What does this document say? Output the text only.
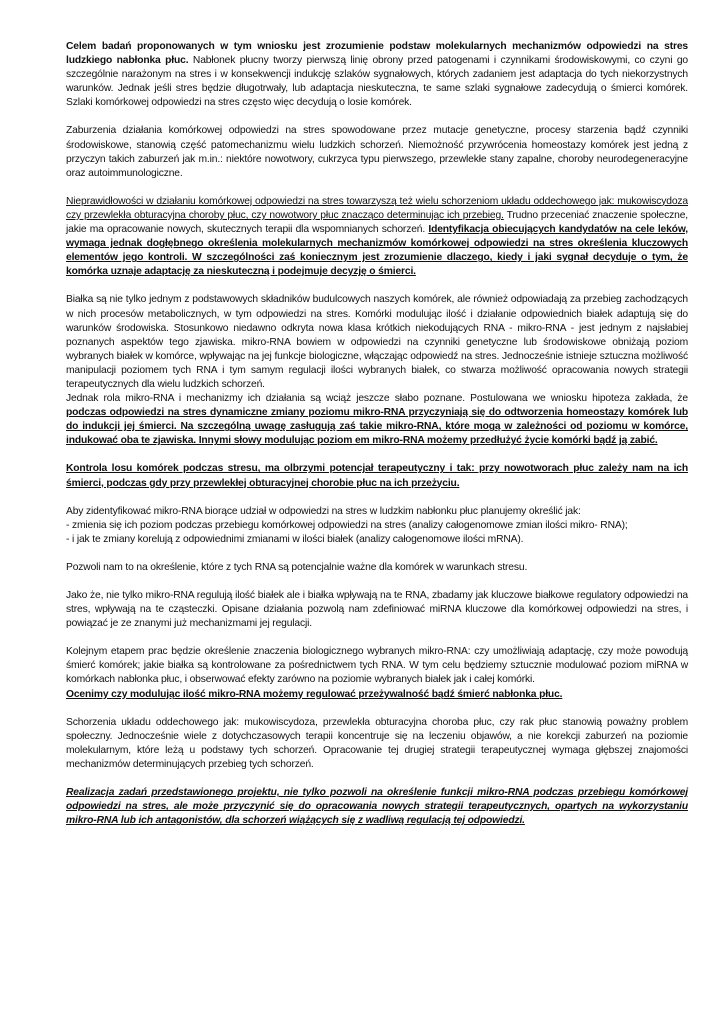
Celem badań proponowanych w tym wniosku jest zrozumienie podstaw molekularnych mechanizmów odpowiedzi na stres ludzkiego nabłonka płuc. Nabłonek płucny tworzy pierwszą linię obrony przed patogenami i czynnikami środowiskowymi, co czyni go szczególnie narażonym na stres i w konsekwencji indukcję szlaków sygnałowych, których zadaniem jest adaptacja do tych niekorzystnych warunków. Jednak jeśli stres będzie długotrwały, lub adaptacja nieskuteczna, te same szlaki sygnałowe zadecydują o śmierci komórek. Szlaki komórkowej odpowiedzi na stres często więc decydują o losie komórek.

Zaburzenia działania komórkowej odpowiedzi na stres spowodowane przez mutacje genetyczne, procesy starzenia bądź czynniki środowiskowe, stanowią część patomechanizmu wielu ludzkich schorzeń. Niemożność przywrócenia homeostazy komórek jest jedną z przyczyn takich zaburzeń jak m.in.: niektóre nowotwory, cukrzyca typu pierwszego, przewlekłe stany zapalne, choroby neurodegeneracyjne oraz autoimmunologiczne.

Nieprawidłowości w działaniu komórkowej odpowiedzi na stres towarzyszą też wielu schorzeniom układu oddechowego jak: mukowiscydoza czy przewlekła obturacyjna choroby płuc, czy nowotwory płuc znacząco determinując ich przebieg. Trudno przeceniać znaczenie społeczne, jakie ma opracowanie nowych, skutecznych terapii dla wspomnianych schorzeń. Identyfikacja obiecujących kandydatów na cele leków, wymaga jednak dogłębnego określenia molekularnych mechanizmów komórkowej odpowiedzi na stres określenia kluczowych elementów jego kontroli. W szczególności zaś koniecznym jest zrozumienie dlaczego, kiedy i jaki sygnał decyduje o tym, że komórka uznaje adaptację za nieskuteczną i podejmuje decyzję o śmierci.

Białka są nie tylko jednym z podstawowych składników budulcowych naszych komórek, ale również odpowiadają za przebieg zachodzących w nich procesów metabolicznych, w tym odpowiedzi na stres. Komórki modulując ilość i działanie odpowiednich białek adaptują się do warunków środowiska. Stosunkowo niedawno odkryta nowa klasa krótkich niekodujących RNA - mikro-RNA - jest jednym z najsłabiej poznanych aspektów tego zjawiska. mikro-RNA bowiem w odpowiedzi na czynniki genetyczne lub środowiskowe obniżają poziom wybranych białek w komórce, wpływając na jej funkcje biologiczne, włączając odpowiedź na stres. Jednocześnie istnieje sztuczna możliwość manipulacji poziomem tych RNA i tym samym regulacji ilości wybranych białek, co stwarza możliwość opracowania nowych strategii terapeutycznych dla wielu ludzkich schorzeń.

Jednak rola mikro-RNA i mechanizmy ich działania są wciąż jeszcze słabo poznane. Postulowana we wniosku hipoteza zakłada, że podczas odpowiedzi na stres dynamiczne zmiany poziomu mikro-RNA przyczyniają się do odtworzenia homeostazy komórek lub do indukcji jej śmierci. Na szczególną uwagę zasługują zaś takie mikro-RNA, które mogą w zależności od poziomu w komórce, indukować oba te zjawiska. Innymi słowy modulując poziom em mikro-RNA możemy przedłużyć życie komórki bądź ją zabić.

Kontrola losu komórek podczas stresu, ma olbrzymi potencjał terapeutyczny i tak: przy nowotworach płuc zależy nam na ich śmierci, podczas gdy przy przewlekłej obturacyjnej chorobie płuc na ich przeżyciu.

Aby zidentyfikować mikro-RNA biorące udział w odpowiedzi na stres w ludzkim nabłonku płuc planujemy określić jak:
- zmienia się ich poziom podczas przebiegu komórkowej odpowiedzi na stres (analizy całogenomowe zmian ilości mikro- RNA);
- i jak te zmiany korelują z odpowiednimi zmianami w ilości białek (analizy całogenomowe ilości mRNA).

Pozwoli nam to na określenie, które z tych RNA są potencjalnie ważne dla komórek w warunkach stresu.

Jako że, nie tylko mikro-RNA regulują ilość białek ale i białka wpływają na te RNA, zbadamy jak kluczowe białkowe regulatory odpowiedzi na stres, wpływają na te cząsteczki. Opisane działania pozwolą nam zdefiniować miRNA kluczowe dla komórkowej odpowiedzi na stres, i powiązać je ze znanymi już mechanizmami jej regulacji.

Kolejnym etapem prac będzie określenie znaczenia biologicznego wybranych mikro-RNA: czy umożliwiają adaptację, czy może powodują śmierć komórek; jakie białka są kontrolowane za pośrednictwem tych RNA. W tym celu będziemy sztucznie modulować poziom miRNA w komórkach nabłonka płuc, i obserwować efekty zarówno na poziomie wybranych białek jak i całej komórki.

Ocenimy czy modulując ilość mikro-RNA możemy regulować przeżywalność bądź śmierć nabłonka płuc.

Schorzenia układu oddechowego jak: mukowiscydoza, przewlekła obturacyjna choroba płuc, czy rak płuc stanowią poważny problem społeczny. Jednocześnie wiele z dotychczasowych terapii koncentruje się na leczeniu objawów, a nie korekcji zaburzeń na poziomie molekularnym, które leżą u podstawy tych schorzeń. Opracowanie tej drugiej strategii terapeutycznej wymaga głębszej znajomości mechanizmów determinujących przebieg tych schorzeń.

Realizacja zadań przedstawionego projektu, nie tylko pozwoli na określenie funkcji mikro-RNA podczas przebiegu komórkowej odpowiedzi na stres, ale może przyczynić się do opracowania nowych strategii terapeutycznych, opartych na wykorzystaniu mikro-RNA lub ich antagonistów, dla schorzeń wiążących się z wadliwą regulacją tej odpowiedzi.
